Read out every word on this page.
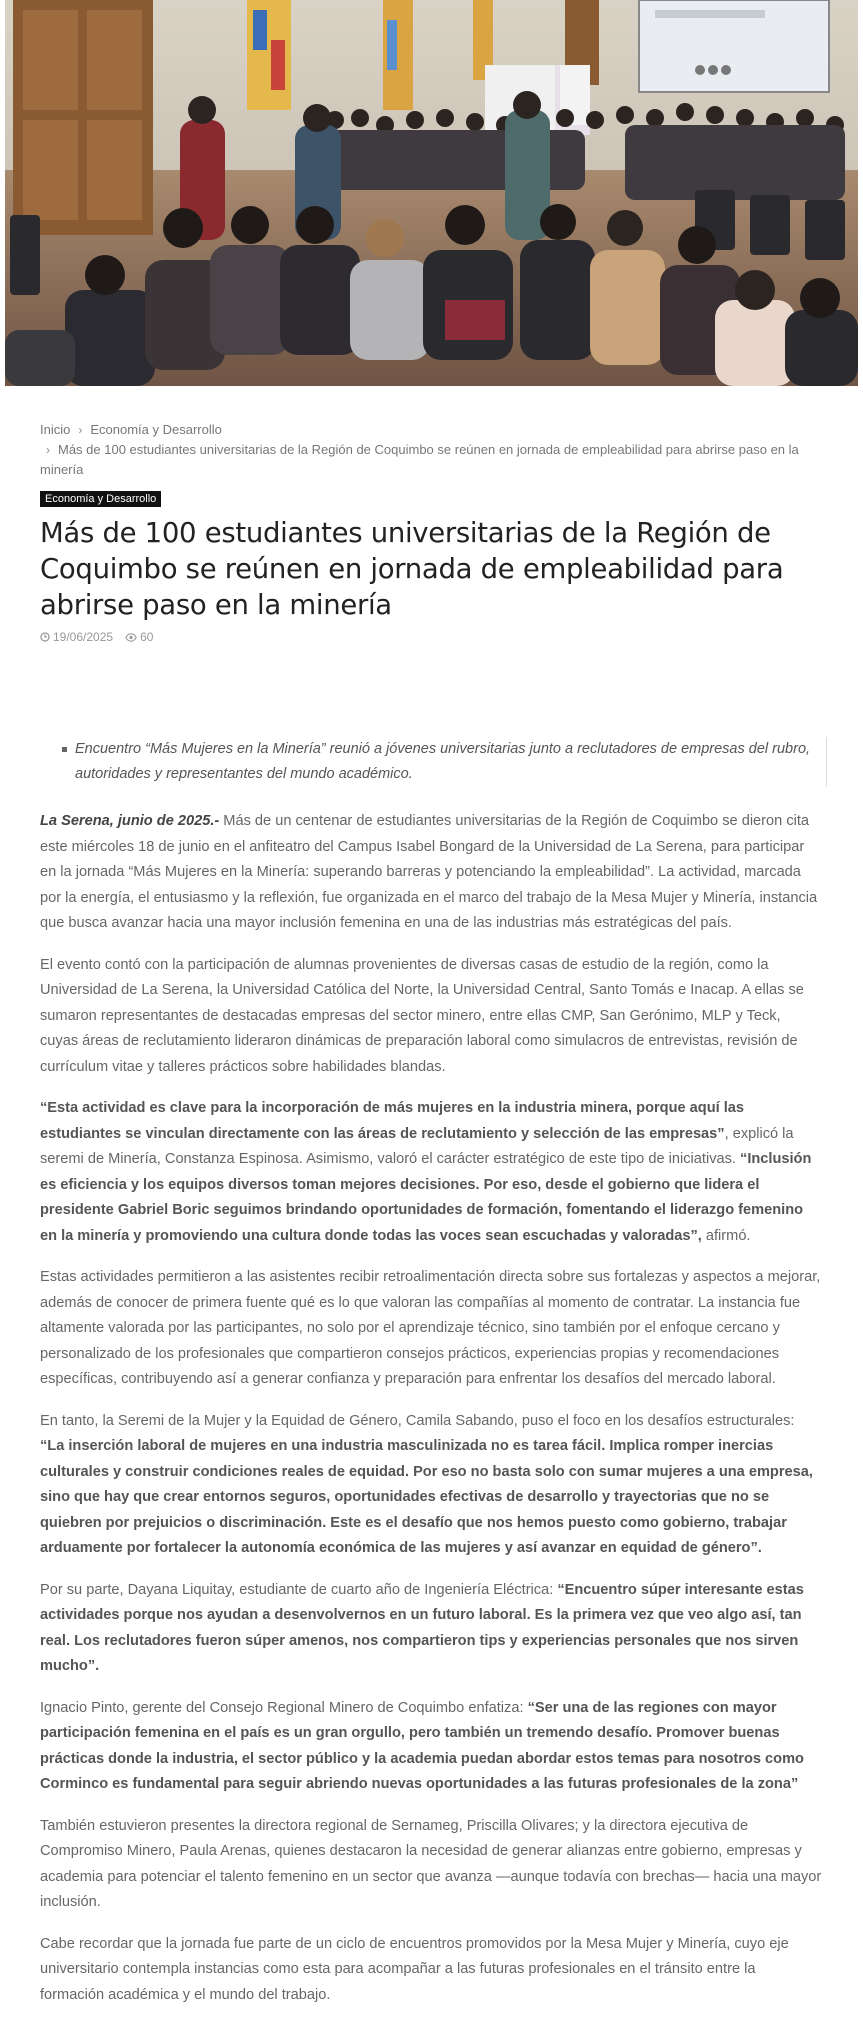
Inicio › Economía y Desarrollo
› Más de 100 estudiantes universitarias de la Región de Coquimbo se reúnen en jornada de empleabilidad para abrirse paso en la minería
Economía y Desarrollo
Más de 100 estudiantes universitarias de la Región de Coquimbo se reúnen en jornada de empleabilidad para abrirse paso en la minería
19/06/2025 60

Encuentro “Más Mujeres en la Minería” reunió a jóvenes universitarias junto a reclutadores de empresas del rubro, autoridades y representantes del mundo académico.

La Serena, junio de 2025.- Más de un centenar de estudiantes universitarias de la Región de Coquimbo se dieron cita este miércoles 18 de junio en el anfiteatro del Campus Isabel Bongard de la Universidad de La Serena, para participar en la jornada “Más Mujeres en la Minería: superando barreras y potenciando la empleabilidad”. La actividad, marcada por la energía, el entusiasmo y la reflexión, fue organizada en el marco del trabajo de la Mesa Mujer y Minería, instancia que busca avanzar hacia una mayor inclusión femenina en una de las industrias más estratégicas del país.

El evento contó con la participación de alumnas provenientes de diversas casas de estudio de la región, como la Universidad de La Serena, la Universidad Católica del Norte, la Universidad Central, Santo Tomás e Inacap. A ellas se sumaron representantes de destacadas empresas del sector minero, entre ellas CMP, San Gerónimo, MLP y Teck, cuyas áreas de reclutamiento lideraron dinámicas de preparación laboral como simulacros de entrevistas, revisión de currículum vitae y talleres prácticos sobre habilidades blandas.

“Esta actividad es clave para la incorporación de más mujeres en la industria minera, porque aquí las estudiantes se vinculan directamente con las áreas de reclutamiento y selección de las empresas”, explicó la seremi de Minería, Constanza Espinosa. Asimismo, valoró el carácter estratégico de este tipo de iniciativas. “Inclusión es eficiencia y los equipos diversos toman mejores decisiones. Por eso, desde el gobierno que lidera el presidente Gabriel Boric seguimos brindando oportunidades de formación, fomentando el liderazgo femenino en la minería y promoviendo una cultura donde todas las voces sean escuchadas y valoradas”, afirmó.

Estas actividades permitieron a las asistentes recibir retroalimentación directa sobre sus fortalezas y aspectos a mejorar, además de conocer de primera fuente qué es lo que valoran las compañías al momento de contratar. La instancia fue altamente valorada por las participantes, no solo por el aprendizaje técnico, sino también por el enfoque cercano y personalizado de los profesionales que compartieron consejos prácticos, experiencias propias y recomendaciones específicas, contribuyendo así a generar confianza y preparación para enfrentar los desafíos del mercado laboral.

En tanto, la Seremi de la Mujer y la Equidad de Género, Camila Sabando, puso el foco en los desafíos estructurales: “La inserción laboral de mujeres en una industria masculinizada no es tarea fácil. Implica romper inercias culturales y construir condiciones reales de equidad. Por eso no basta solo con sumar mujeres a una empresa, sino que hay que crear entornos seguros, oportunidades efectivas de desarrollo y trayectorias que no se quiebren por prejuicios o discriminación. Este es el desafío que nos hemos puesto como gobierno, trabajar arduamente por fortalecer la autonomía económica de las mujeres y así avanzar en equidad de género”.

Por su parte, Dayana Liquitay, estudiante de cuarto año de Ingeniería Eléctrica: “Encuentro súper interesante estas actividades porque nos ayudan a desenvolvernos en un futuro laboral. Es la primera vez que veo algo así, tan real. Los reclutadores fueron súper amenos, nos compartieron tips y experiencias personales que nos sirven mucho”.

Ignacio Pinto, gerente del Consejo Regional Minero de Coquimbo enfatiza: “Ser una de las regiones con mayor participación femenina en el país es un gran orgullo, pero también un tremendo desafío. Promover buenas prácticas donde la industria, el sector público y la academia puedan abordar estos temas para nosotros como Corminco es fundamental para seguir abriendo nuevas oportunidades a las futuras profesionales de la zona”

También estuvieron presentes la directora regional de Sernameg, Priscilla Olivares; y la directora ejecutiva de Compromiso Minero, Paula Arenas, quienes destacaron la necesidad de generar alianzas entre gobierno, empresas y academia para potenciar el talento femenino en un sector que avanza —aunque todavía con brechas— hacia una mayor inclusión.

Cabe recordar que la jornada fue parte de un ciclo de encuentros promovidos por la Mesa Mujer y Minería, cuyo eje universitario contempla instancias como esta para acompañar a las futuras profesionales en el tránsito entre la formación académica y el mundo del trabajo.
